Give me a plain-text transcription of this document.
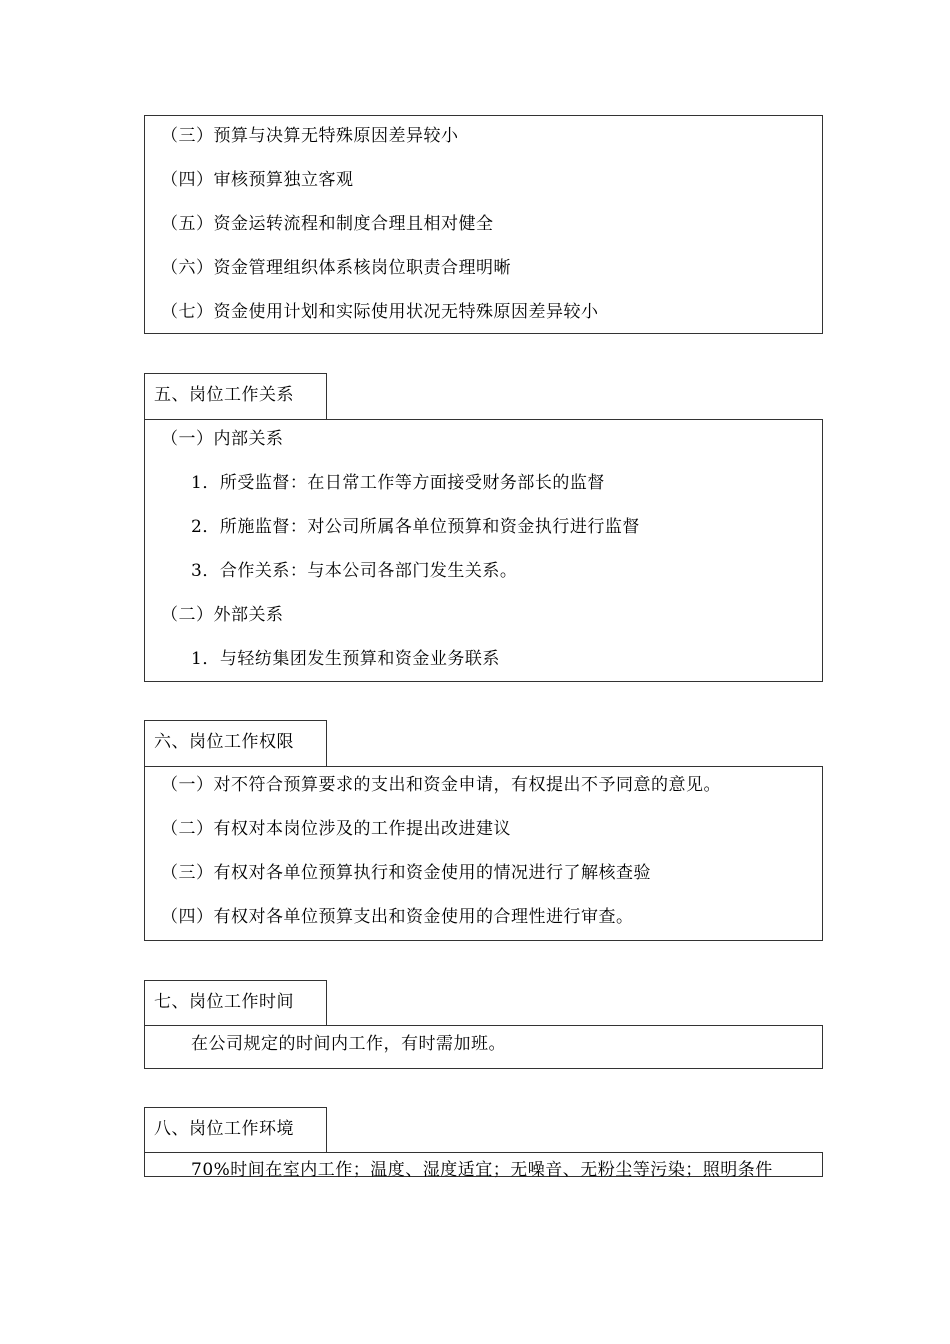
（三）预算与决算无特殊原因差异较小
（四）审核预算独立客观
（五）资金运转流程和制度合理且相对健全
（六）资金管理组织体系核岗位职责合理明晰
（七）资金使用计划和实际使用状况无特殊原因差异较小
五、岗位工作关系
（一）内部关系
1．所受监督：在日常工作等方面接受财务部长的监督
2．所施监督：对公司所属各单位预算和资金执行进行监督
3．合作关系：与本公司各部门发生关系。
（二）外部关系
1．与轻纺集团发生预算和资金业务联系
六、岗位工作权限
（一）对不符合预算要求的支出和资金申请，有权提出不予同意的意见。
（二）有权对本岗位涉及的工作提出改进建议
（三）有权对各单位预算执行和资金使用的情况进行了解核查验
（四）有权对各单位预算支出和资金使用的合理性进行审查。
七、岗位工作时间
在公司规定的时间内工作，有时需加班。
八、岗位工作环境
70%时间在室内工作；温度、湿度适宜；无噪音、无粉尘等污染；照明条件
